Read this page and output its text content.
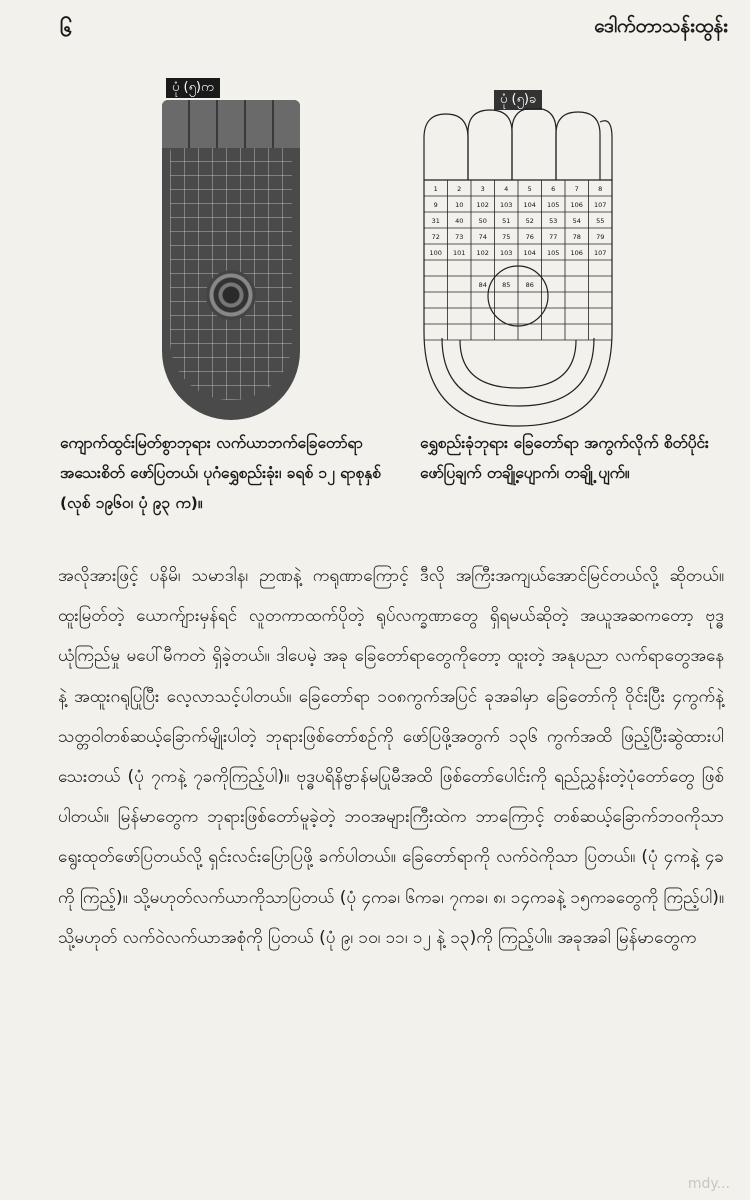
၆	ဒေါက်တာသန်းထွန်း
ပုံ (၅)က
ပုံ (၅)ခ
1	2	3	4	5	6	7	8
9	10 102 103 104 105 106 107
31 40 50 51 52 53 54 55
72 73 74 75 76 77 78 79
100 101 102 103 104 105 106 107
84 85 86
ကျောက်ထွင်းမြတ်စွာဘုရား လက်ယာဘက်ခြေတော်ရာ အသေးစိတ် ဖော်ပြတယ်၊ ပုဂံရွှေစည်းခုံး၊ ခရစ် ၁၂ ရာစုနှစ် (လုစ် ၁၉၆၀၊ ပုံ ၉၃ က)။
ရွှေစည်းခုံဘုရား ခြေတော်ရာ အကွက်လိုက် စိတ်ပိုင်း ဖော်ပြချက် တချို့ပျောက်၊ တချို့ ပျက်။
အလိုအားဖြင့် ပနိမိ၊ သမာဒါန၊ ဉာဏနဲ့ ကရုဏာကြောင့် ဒီလို အကြီးအကျယ်အောင်မြင်တယ်လို့ ဆိုတယ်။ ထူးမြတ်တဲ့ ယောက်ျားမှန်ရင် လူတကာထက်ပိုတဲ့ ရုပ်လက္ခဏာတွေ ရှိရမယ်ဆိုတဲ့ အယူအဆကတော့ ဗုဒ္ဓယုံကြည်မှု မပေါ်မီကတဲ ရှိခဲ့တယ်။ ဒါပေမဲ့ အခု ခြေတော်ရာတွေကိုတော့ ထူးတဲ့ အနုပညာ လက်ရာတွေအနေနဲ့ အထူးဂရုပြုပြီး လေ့လာသင့်ပါတယ်။ ခြေတော်ရာ ၁၀၈ကွက်အပြင် ခုအခါမှာ ခြေတော်ကို ဝိုင်းပြီး ၄ကွက်နဲ့ သတ္တဝါတစ်ဆယ့်ခြောက်မျိုးပါတဲ့ ဘုရားဖြစ်တော်စဉ်ကို ဖော်ပြဖို့အတွက် ၁၃၆ ကွက်အထိ ဖြည့်ပြီးဆွဲထားပါသေးတယ် (ပုံ ၇ကနဲ့ ၇ခကိုကြည့်ပါ)။ ဗုဒ္ဓပရိနိဗ္ဗာန်မပြုမီအထိ ဖြစ်တော်ပေါင်းကို ရည်ညွှန်းတဲ့ပုံတော်တွေ ဖြစ်ပါတယ်။ မြန်မာတွေက ဘုရားဖြစ်တော်မူခဲ့တဲ့ ဘဝအများကြီးထဲက ဘာကြောင့် တစ်ဆယ့်ခြောက်ဘဝကိုသာ ရွေးထုတ်ဖော်ပြတယ်လို့ ရှင်းလင်းပြောပြဖို့ ခက်ပါတယ်။ ခြေတော်ရာကို လက်ဝဲကိုသာ ပြတယ်။ (ပုံ ၄ကနဲ့ ၄ခကို ကြည့်)။ သို့မဟုတ်လက်ယာကိုသာပြတယ် (ပုံ ၄ကခ၊ ၆ကခ၊ ၇ကခ၊ ၈၊ ၁၄ကခနဲ့ ၁၅ကခတွေကို ကြည့်ပါ)။ သို့မဟုတ် လက်ဝဲလက်ယာအစုံကို ပြတယ် (ပုံ ၉၊ ၁၀၊ ၁၁၊ ၁၂ နဲ့ ၁၃)ကို ကြည့်ပါ။ အခုအခါ မြန်မာတွေက
mdy...
